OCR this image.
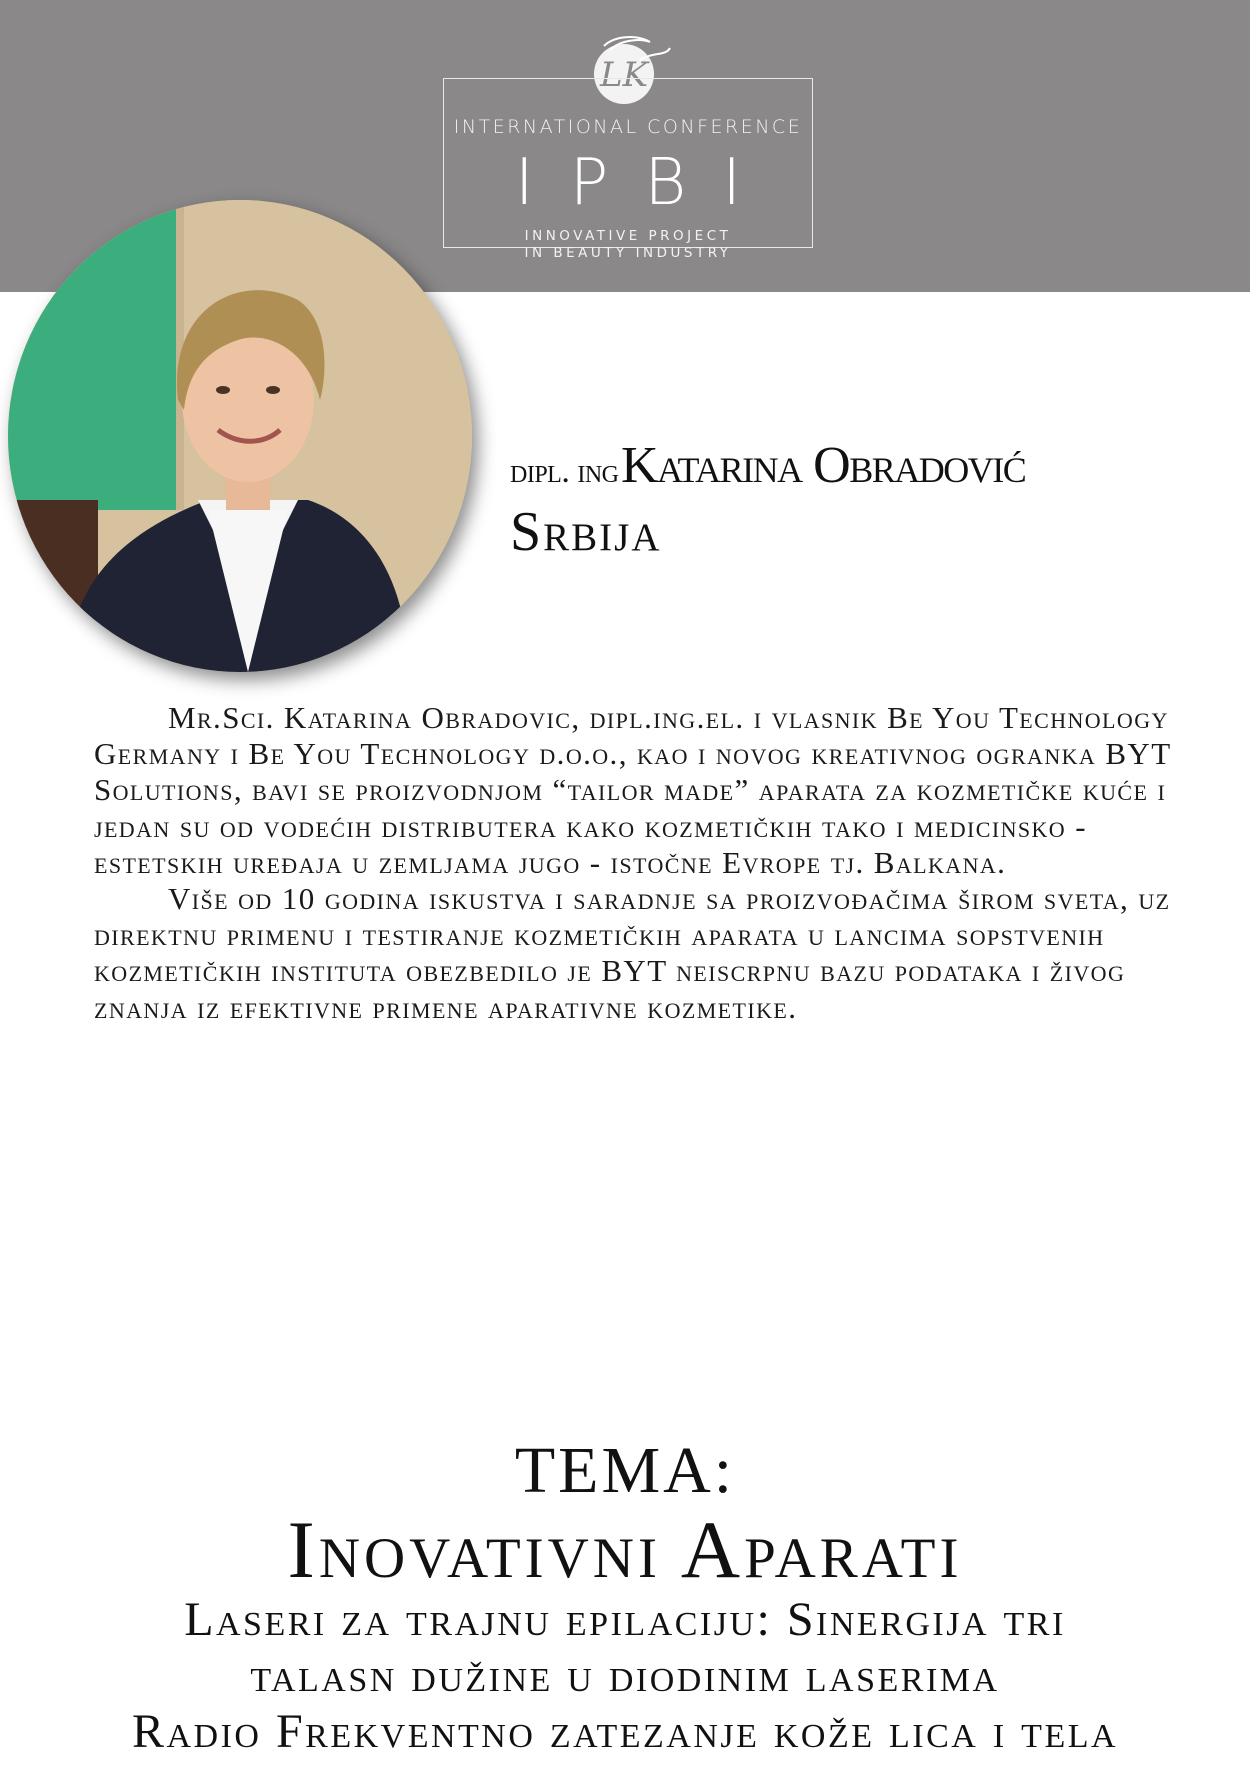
LK
INTERNATIONAL CONFERENCE
IPBI
INNOVATIVE PROJECT
IN BEAUTY INDUSTRY
dipl. ing Katarina Obradović
Srbija

Mr.Sci. Katarina Obradovic, dipl.ing.el. i vlasnik Be You Technology Germany i Be You Technology d.o.o., kao i novog kreativnog ogranka BYT Solutions, bavi se proizvodnjom “tailor made” aparata za kozmetičke kuće i jedan su od vodećih distributera kako kozmetičkih tako i medicinsko - estetskih uređaja u zemljama jugo - istočne Evrope tj. Balkana.

Više od 10 godina iskustva i saradnje sa proizvođačima širom sveta, uz direktnu primenu i testiranje kozmetičkih aparata u lancima sopstvenih kozmetičkih instituta obezbedilo je BYT neiscrpnu bazu podataka i živog znanja iz efektivne primene aparativne kozmetike.

TEMA:
Inovativni Aparati
Laseri za trajnu epilaciju: Sinergija tri
talasn dužine u diodinim laserima
Radio Frekventno zatezanje kože lica i tela
